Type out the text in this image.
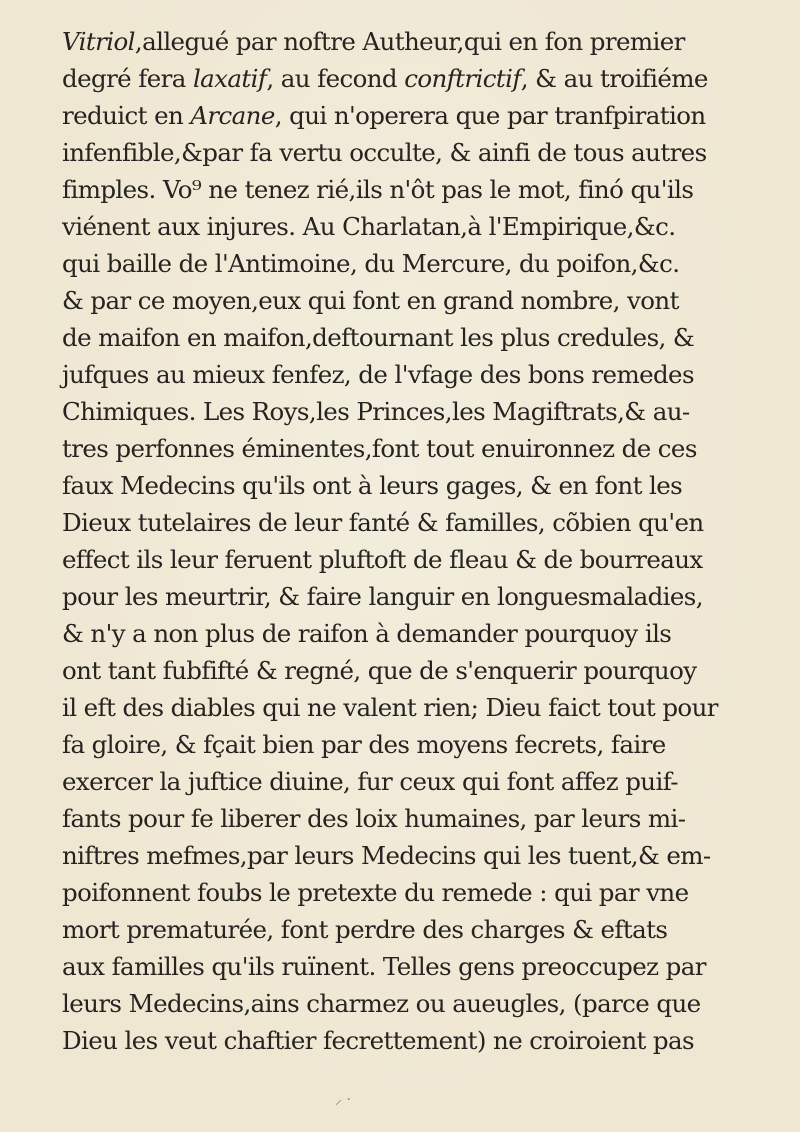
Vitriol,allegué par noftre Autheur,qui en fon premier
degré fera laxatif, au fecond conftrictif, & au troifiéme
reduict en Arcane, qui n'operera que par tranfpiration
infenfible,&par fa vertu occulte, & ainfi de tous autres
fimples. Vo⁹ ne tenez rié,ils n'ôt pas le mot, finó qu'ils
viénent aux injures. Au Charlatan,à l'Empirique,&c.
qui baille de l'Antimoine, du Mercure, du poifon,&c.
& par ce moyen,eux qui font en grand nombre, vont
de maifon en maifon,deftournant les plus credules, &
jufques au mieux fenfez, de l'vfage des bons remedes
Chimiques. Les Roys,les Princes,les Magiftrats,& au-
tres perfonnes éminentes,font tout enuironnez de ces
faux Medecins qu'ils ont à leurs gages, & en font les
Dieux tutelaires de leur fanté & familles, cõbien qu'en
effect ils leur feruent pluftoft de fleau & de bourreaux
pour les meurtrir, & faire languir en longuesmaladies,
& n'y a non plus de raifon à demander pourquoy ils
ont tant fubfifté & regné, que de s'enquerir pourquoy
il eft des diables qui ne valent rien; Dieu faict tout pour
fa gloire, & fçait bien par des moyens fecrets, faire
exercer la juftice diuine, fur ceux qui font affez puif-
fants pour fe liberer des loix humaines, par leurs mi-
niftres mefmes,par leurs Medecins qui les tuent,& em-
poifonnent foubs le pretexte du remede : qui par vne
mort prematurée, font perdre des charges & eftats
aux familles qu'ils ruïnent. Telles gens preoccupez par
leurs Medecins,ains charmez ou aueugles, (parce que
Dieu les veut chaftier fecrettement) ne croiroient pas
⸝ ·
